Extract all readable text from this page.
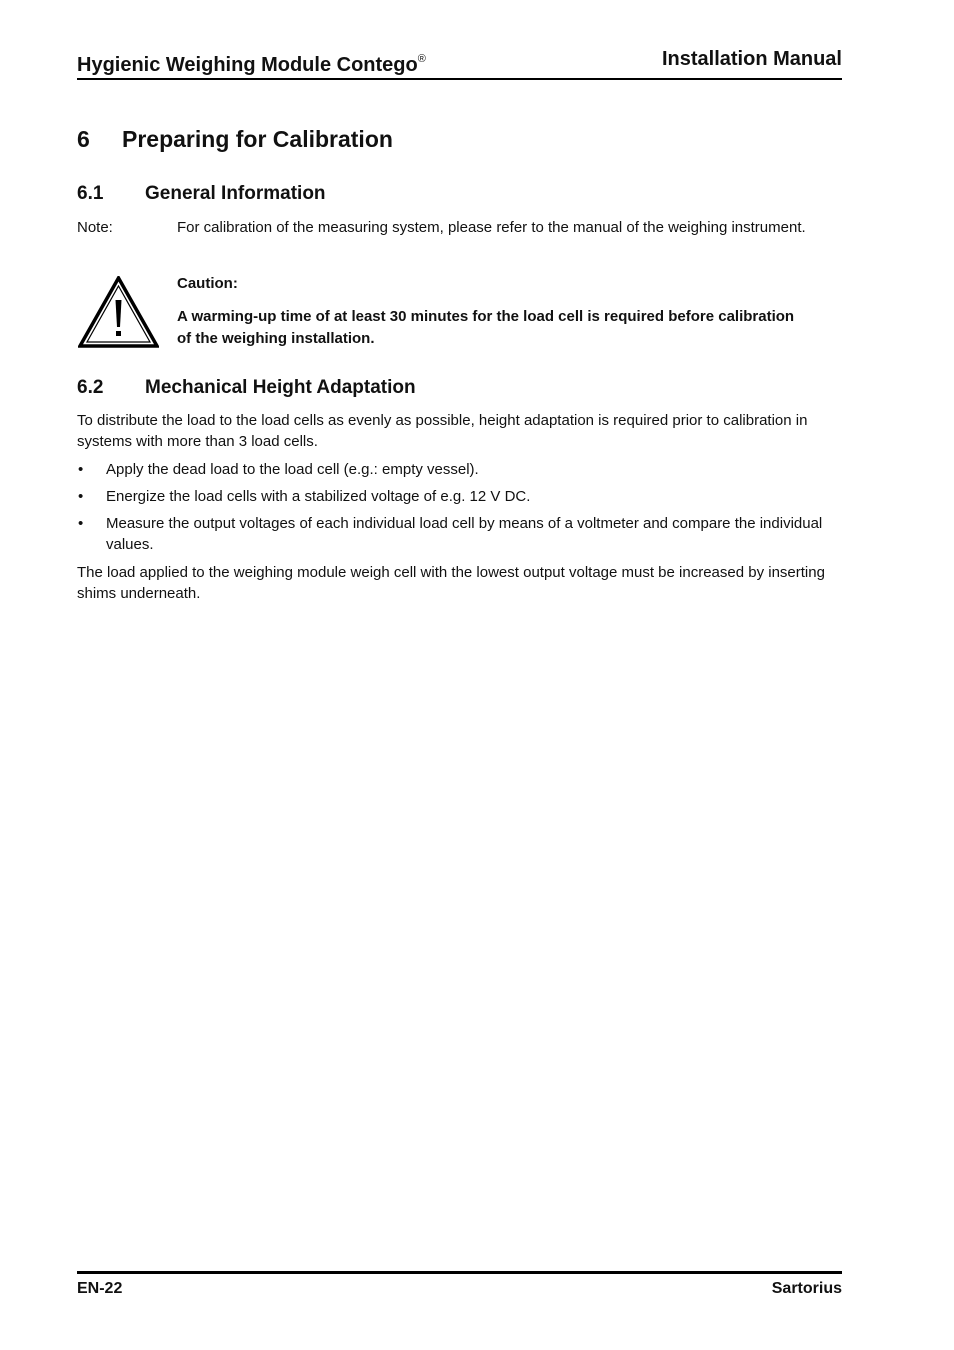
Hygienic Weighing Module Contego®	Installation Manual
6 Preparing for Calibration
6.1 General Information
Note:	For calibration of the measuring system, please refer to the manual of the weighing instrument.
Caution:
A warming-up time of at least 30 minutes for the load cell is required before calibration of the weighing installation.
6.2 Mechanical Height Adaptation
To distribute the load to the load cells as evenly as possible, height adaptation is required prior to calibration in systems with more than 3 load cells.
• Apply the dead load to the load cell (e.g.: empty vessel).
• Energize the load cells with a stabilized voltage of e.g. 12 V DC.
• Measure the output voltages of each individual load cell by means of a voltmeter and compare the individual values.
The load applied to the weighing module weigh cell with the lowest output voltage must be increased by inserting shims underneath.
EN-22	Sartorius
